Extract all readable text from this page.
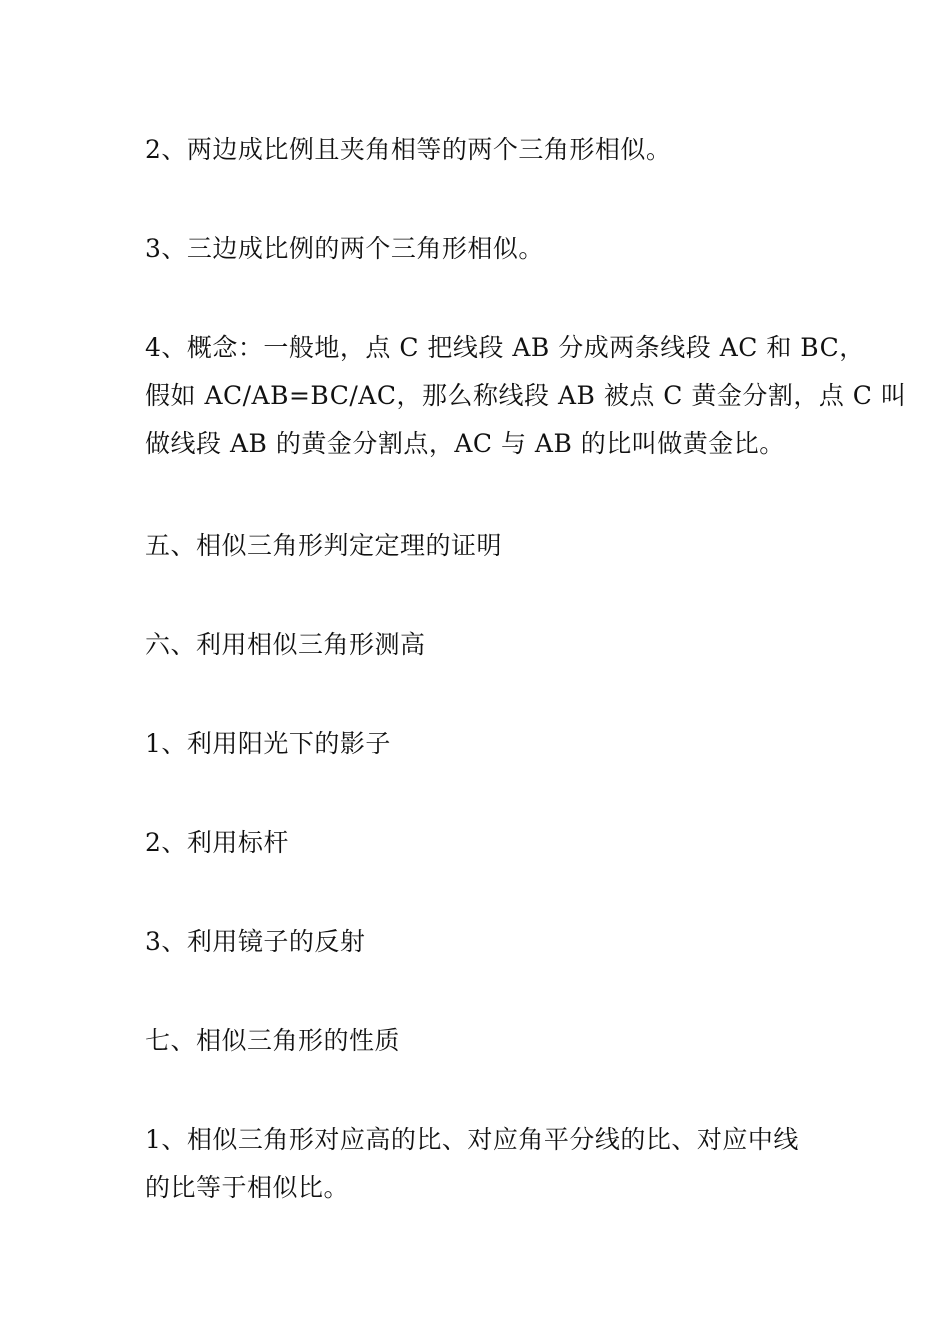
2、两边成比例且夹角相等的两个三角形相似。

3、三边成比例的两个三角形相似。

4、概念：一般地，点 C 把线段 AB 分成两条线段 AC 和 BC，
假如 AC/AB=BC/AC，那么称线段 AB 被点 C 黄金分割，点 C 叫
做线段 AB 的黄金分割点，AC 与 AB 的比叫做黄金比。

五、相似三角形判定定理的证明

六、利用相似三角形测高

1、利用阳光下的影子

2、利用标杆

3、利用镜子的反射

七、相似三角形的性质

1、相似三角形对应高的比、对应角平分线的比、对应中线
的比等于相似比。
